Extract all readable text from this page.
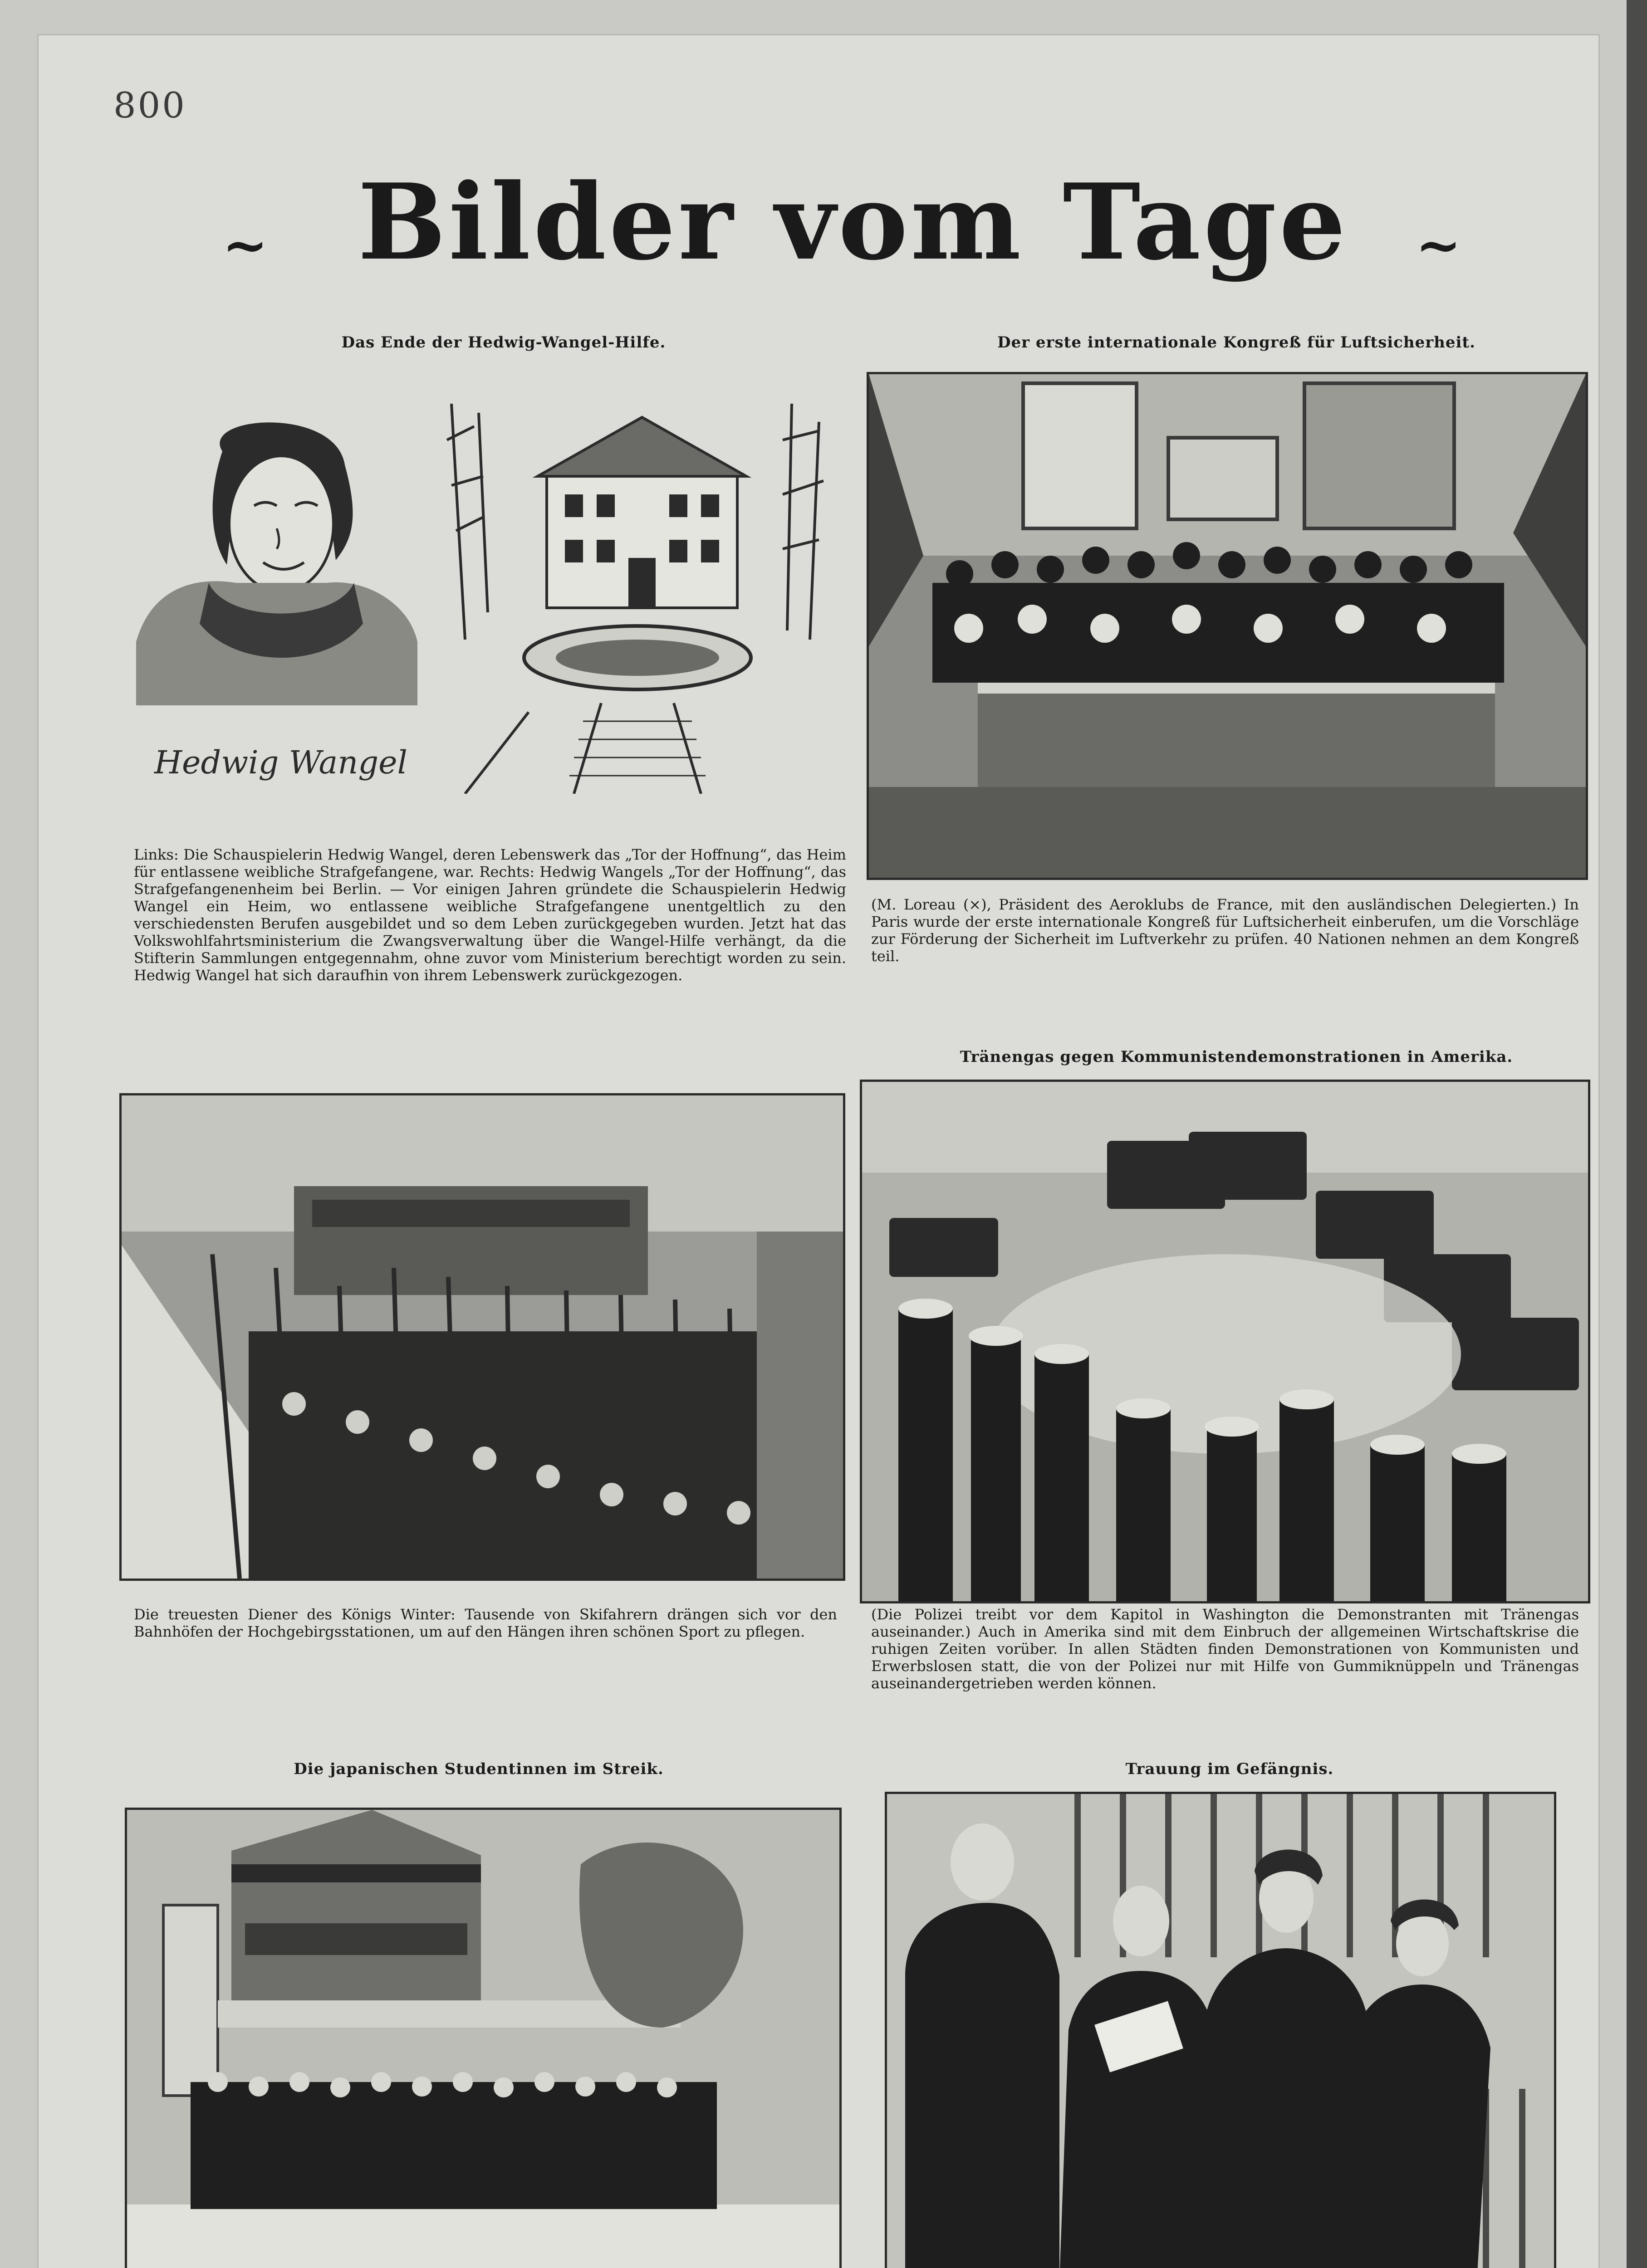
800
~ Bilder vom Tage	~
Das Ende der Hedwig-Wangel-Hilfe.
Hedwig Wangel
Links: Die Schauspielerin Hedwig Wangel, deren Lebenswerk das „Tor der Hoffnung“, das Heim für entlassene weibliche Strafgefangene, war. Rechts: Hedwig Wangels „Tor der Hoffnung“, das Strafgefangenenheim bei Berlin. — Vor einigen Jahren gründete die Schauspielerin Hedwig Wangel ein Heim, wo entlassene weibliche Strafgefangene unentgeltlich zu den verschiedensten Berufen ausgebildet und so dem Leben zurückgegeben wurden. Jetzt hat das Volkswohlfahrtsministerium die Zwangsverwaltung über die Wangel-Hilfe verhängt, da die Stifterin Sammlungen entgegennahm, ohne zuvor vom Ministerium berechtigt worden zu sein. Hedwig Wangel hat sich daraufhin von ihrem Lebenswerk zurückgezogen.
Der erste internationale Kongreß für Luftsicherheit.
(M. Loreau (×), Präsident des Aeroklubs de France, mit den ausländischen Delegierten.) In Paris wurde der erste internationale Kongreß für Luftsicherheit einberufen, um die Vorschläge zur Förderung der Sicherheit im Luftverkehr zu prüfen. 40 Nationen nehmen an dem Kongreß teil.
Die treuesten Diener des Königs Winter: Tausende von Skifahrern drängen sich vor den Bahnhöfen der Hochgebirgsstationen, um auf den Hängen ihren schönen Sport zu pflegen.
Tränengas gegen Kommunistendemonstrationen in Amerika.
(Die Polizei treibt vor dem Kapitol in Washington die Demonstranten mit Tränengas auseinander.) Auch in Amerika sind mit dem Einbruch der allgemeinen Wirtschaftskrise die ruhigen Zeiten vorüber. In allen Städten finden Demonstrationen von Kommunisten und Erwerbslosen statt, die von der Polizei nur mit Hilfe von Gummiknüppeln und Tränengas auseinandergetrieben werden können.
Die japanischen Studentinnen im Streik.	Trauung im Gefängnis.
